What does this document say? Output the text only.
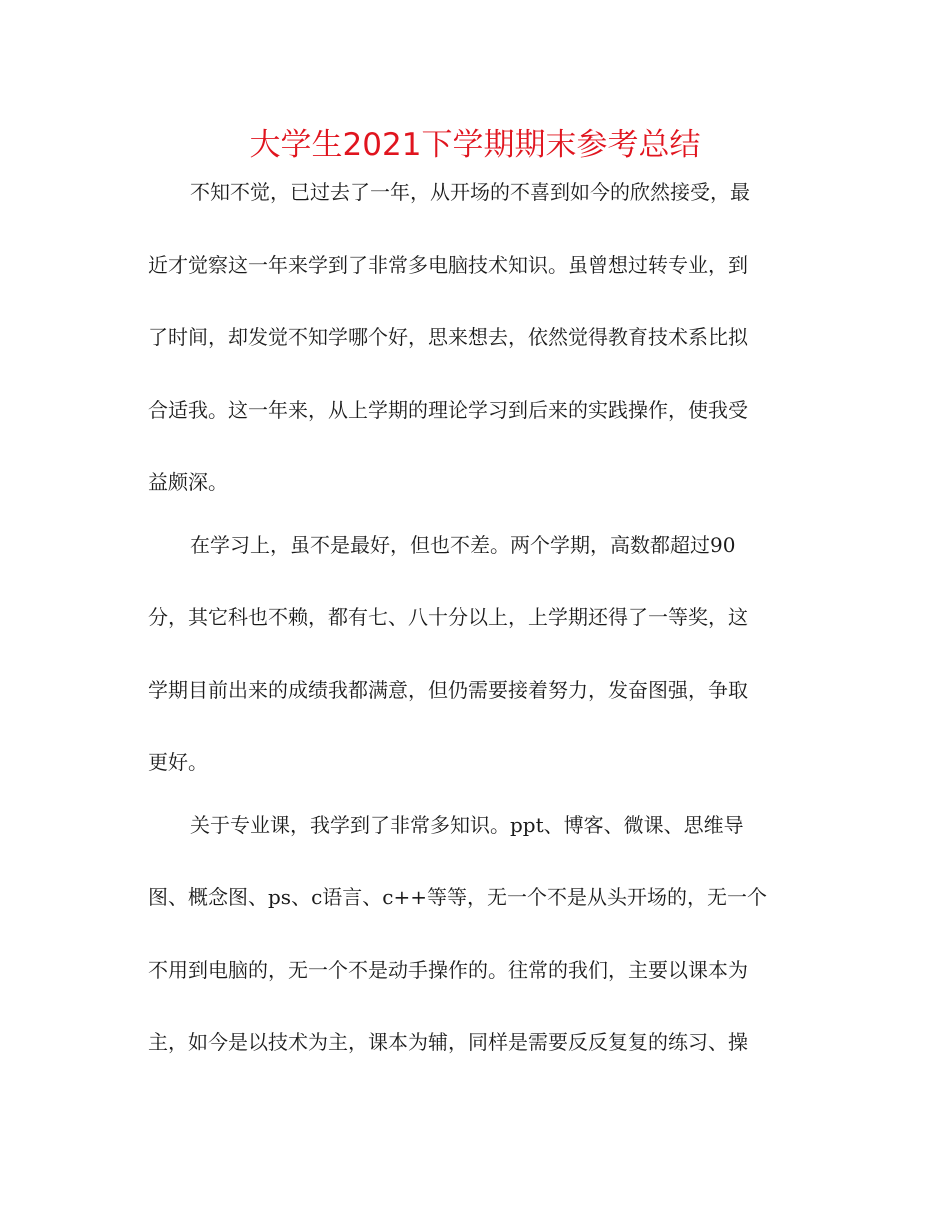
大学生2021下学期期末参考总结

不知不觉，已过去了一年，从开场的不喜到如今的欣然接受，最

近才觉察这一年来学到了非常多电脑技术知识。虽曾想过转专业，到

了时间，却发觉不知学哪个好，思来想去，依然觉得教育技术系比拟

合适我。这一年来，从上学期的理论学习到后来的实践操作，使我受

益颇深。

在学习上，虽不是最好，但也不差。两个学期，高数都超过90

分，其它科也不赖，都有七、八十分以上，上学期还得了一等奖，这

学期目前出来的成绩我都满意，但仍需要接着努力，发奋图强，争取

更好。

关于专业课，我学到了非常多知识。ppt、博客、微课、思维导

图、概念图、ps、c语言、c++等等，无一个不是从头开场的，无一个

不用到电脑的，无一个不是动手操作的。往常的我们，主要以课本为

主，如今是以技术为主，课本为辅，同样是需要反反复复的练习、操
